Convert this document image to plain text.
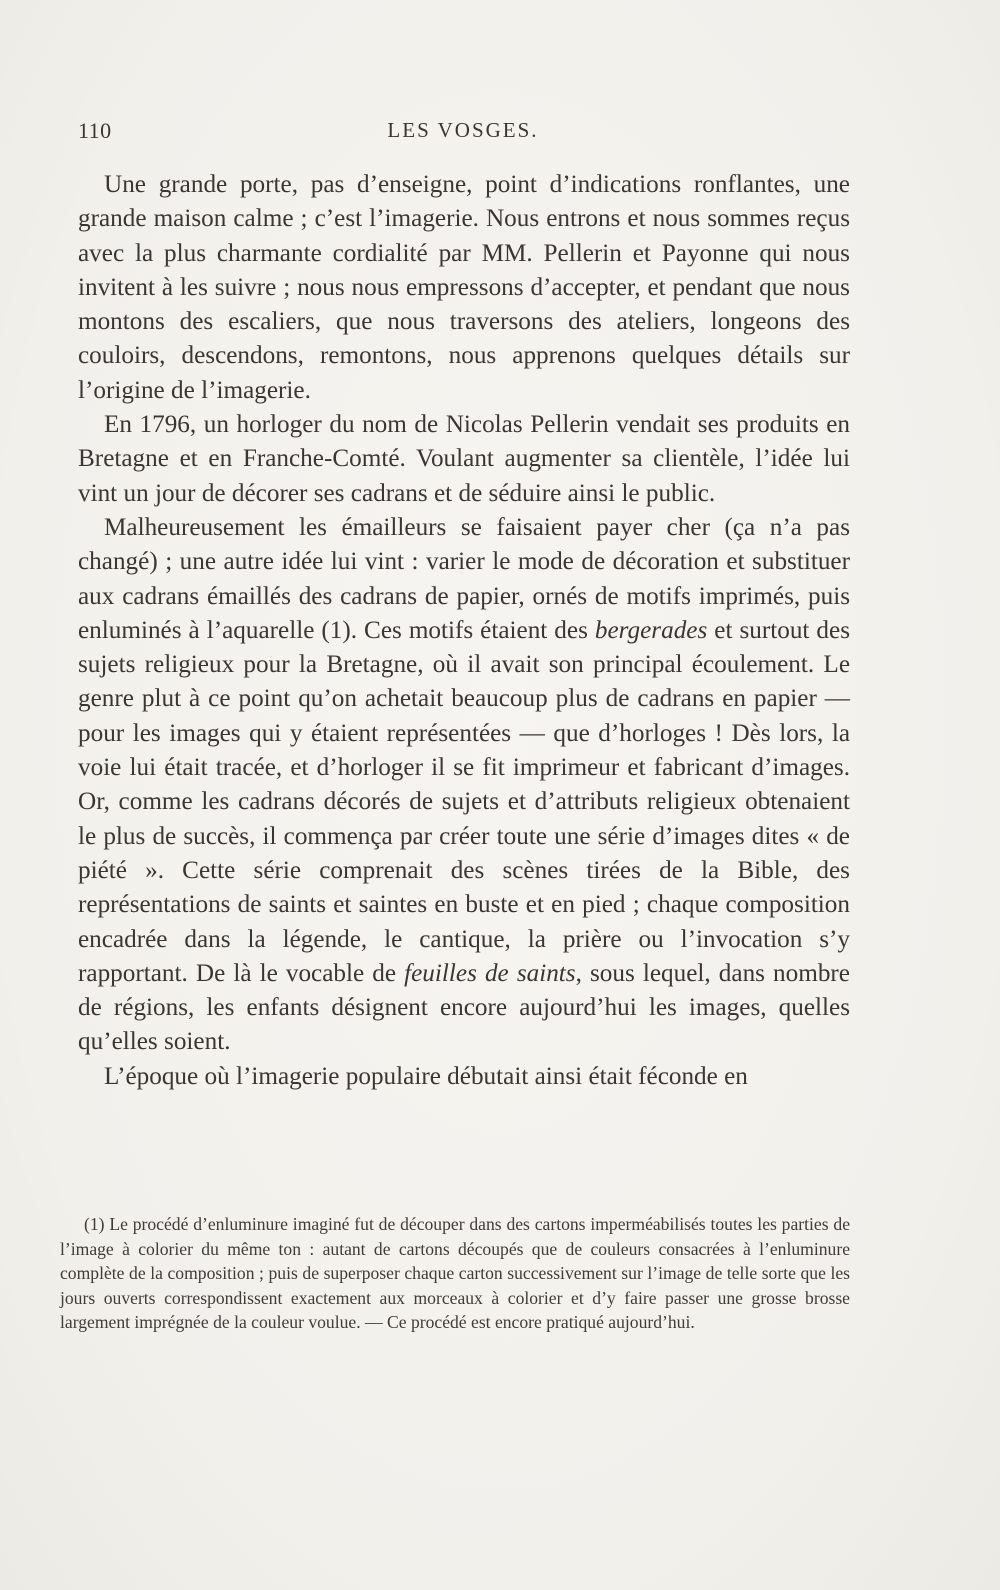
110	LES VOSGES.

Une grande porte, pas d’enseigne, point d’indications ronflantes, une grande maison calme ; c’est l’imagerie. Nous entrons et nous sommes reçus avec la plus charmante cordialité par MM. Pellerin et Payonne qui nous invitent à les suivre ; nous nous empressons d’accepter, et pendant que nous montons des escaliers, que nous traversons des ateliers, longeons des couloirs, descendons, remontons, nous apprenons quelques détails sur l’origine de l’imagerie.

En 1796, un horloger du nom de Nicolas Pellerin vendait ses produits en Bretagne et en Franche-Comté. Voulant augmenter sa clientèle, l’idée lui vint un jour de décorer ses cadrans et de séduire ainsi le public.

Malheureusement les émailleurs se faisaient payer cher (ça n’a pas changé) ; une autre idée lui vint : varier le mode de décoration et substituer aux cadrans émaillés des cadrans de papier, ornés de motifs imprimés, puis enluminés à l’aquarelle (1). Ces motifs étaient des bergerades et surtout des sujets religieux pour la Bretagne, où il avait son principal écoulement. Le genre plut à ce point qu’on achetait beaucoup plus de cadrans en papier — pour les images qui y étaient représentées — que d’horloges ! Dès lors, la voie lui était tracée, et d’horloger il se fit imprimeur et fabricant d’images. Or, comme les cadrans décorés de sujets et d’attributs religieux obtenaient le plus de succès, il commença par créer toute une série d’images dites « de piété ». Cette série comprenait des scènes tirées de la Bible, des représentations de saints et saintes en buste et en pied ; chaque composition encadrée dans la légende, le cantique, la prière ou l’invocation s’y rapportant. De là le vocable de feuilles de saints, sous lequel, dans nombre de régions, les enfants désignent encore aujourd’hui les images, quelles qu’elles soient.

L’époque où l’imagerie populaire débutait ainsi était féconde en

(1) Le procédé d’enluminure imaginé fut de découper dans des cartons imperméabilisés toutes les parties de l’image à colorier du même ton : autant de cartons découpés que de couleurs consacrées à l’enluminure complète de la composition ; puis de superposer chaque carton successivement sur l’image de telle sorte que les jours ouverts correspondissent exactement aux morceaux à colorier et d’y faire passer une grosse brosse largement imprégnée de la couleur voulue. — Ce procédé est encore pratiqué aujourd’hui.
